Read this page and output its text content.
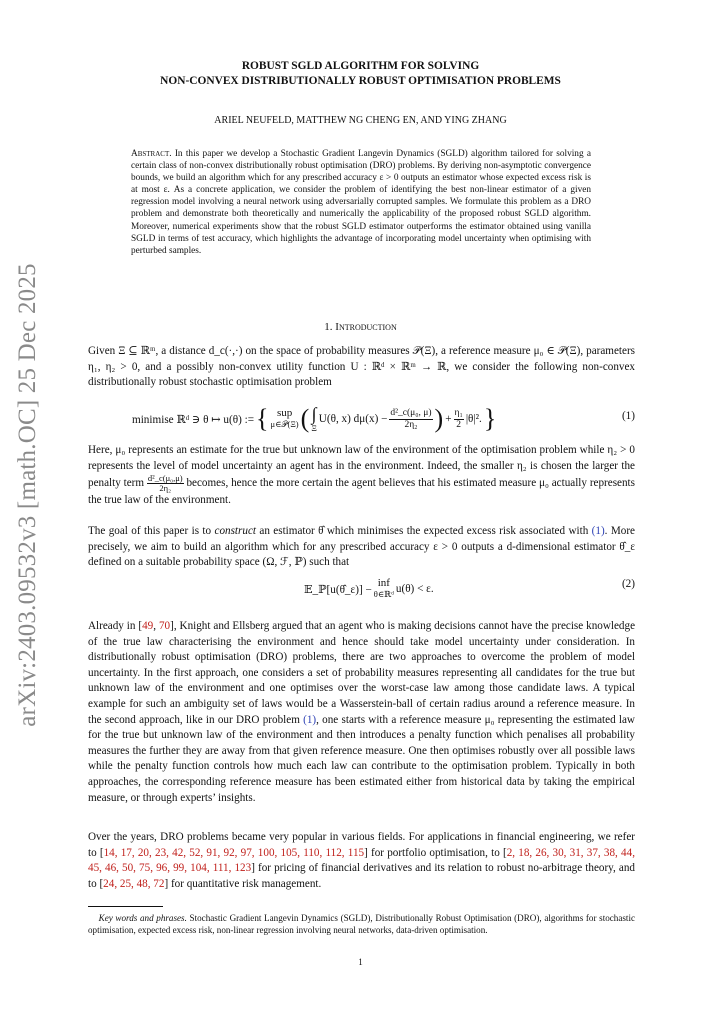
arXiv:2403.09532v3 [math.OC] 25 Dec 2025
ROBUST SGLD ALGORITHM FOR SOLVING
NON-CONVEX DISTRIBUTIONALLY ROBUST OPTIMISATION PROBLEMS
ARIEL NEUFELD, MATTHEW NG CHENG EN, AND YING ZHANG
Abstract. In this paper we develop a Stochastic Gradient Langevin Dynamics (SGLD) algorithm tailored for solving a certain class of non-convex distributionally robust optimisation (DRO) problems. By deriving non-asymptotic convergence bounds, we build an algorithm which for any prescribed accuracy ε > 0 outputs an estimator whose expected excess risk is at most ε. As a concrete application, we consider the problem of identifying the best non-linear estimator of a given regression model involving a neural network using adversarially corrupted samples. We formulate this problem as a DRO problem and demonstrate both theoretically and numerically the applicability of the proposed robust SGLD algorithm. Moreover, numerical experiments show that the robust SGLD estimator outperforms the estimator obtained using vanilla SGLD in terms of test accuracy, which highlights the advantage of incorporating model uncertainty when optimising with perturbed samples.
1. Introduction
Given Ξ ⊆ ℝᵐ, a distance d_c(·,·) on the space of probability measures 𝒫(Ξ), a reference measure μ₀ ∈ 𝒫(Ξ), parameters η₁, η₂ > 0, and a possibly non-convex utility function U : ℝᵈ × ℝᵐ → ℝ, we consider the following non-convex distributionally robust stochastic optimisation problem
minimise ℝᵈ ∋ θ ↦ u(θ) := { sup
μ∈𝒫(Ξ) ( ∫
Ξ
U(θ, x) $d\mu(x) - \frac{\text{d²\_c(μ₀, μ)}}{\text{2η₂}}$ ) + $\frac{\text{η₁}}{2} |\theta|^2$. }	(1)
Here, μ₀ represents an estimate for the true but unknown law of the environment of the optimisation problem while η₂ > 0 represents the level of model uncertainty an agent has in the environment. Indeed, the smaller η₂ is chosen the larger the penalty term $\frac{\text{d²\_c(μ₀,μ)}}{\text{2η₂}}$ becomes, hence the more certain the agent believes that his estimated measure μ₀ actually represents the true law of the environment.
The goal of this paper is to construct an estimator θ̂ which minimises the expected excess risk associated with (1). More precisely, we aim to build an algorithm which for any prescribed accuracy ε > 0 outputs a d-dimensional estimator θ̂_ε defined on a suitable probability space (Ω, ℱ, ℙ) such that
𝔼_ℙ[u(θ̂_ε)] −
inf
θ∈ℝᵈ u(θ) < ε.	(2)
Already in [49, 70], Knight and Ellsberg argued that an agent who is making decisions cannot have the precise knowledge of the true law characterising the environment and hence should take model uncertainty under consideration. In distributionally robust optimisation (DRO) problems, there are two approaches to overcome the problem of model uncertainty. In the first approach, one considers a set of probability measures representing all candidates for the true but unknown law of the environment and one optimises over the worst-case law among those candidate laws. A typical example for such an ambiguity set of laws would be a Wasserstein-ball of certain radius around a reference measure. In the second approach, like in our DRO problem (1), one starts with a reference measure μ₀ representing the estimated law for the true but unknown law of the environment and then introduces a penalty function which penalises all probability measures the further they are away from that given reference measure. One then optimises robustly over all possible laws while the penalty function controls how much each law can contribute to the optimisation problem. Typically in both approaches, the corresponding reference measure has been estimated either from historical data by taking the empirical measure, or through experts’ insights.
Over the years, DRO problems became very popular in various fields. For applications in financial engineering, we refer to [14, 17, 20, 23, 42, 52, 91, 92, 97, 100, 105, 110, 112, 115] for portfolio optimisation, to [2, 18, 26, 30, 31, 37, 38, 44, 45, 46, 50, 75, 96, 99, 104, 111, 123] for pricing of financial derivatives and its relation to robust no-arbitrage theory, and to [24, 25, 48, 72] for quantitative risk management.
Key words and phrases. Stochastic Gradient Langevin Dynamics (SGLD), Distributionally Robust Optimisation (DRO), algorithms for stochastic optimisation, expected excess risk, non-linear regression involving neural networks, data-driven optimisation.
1
